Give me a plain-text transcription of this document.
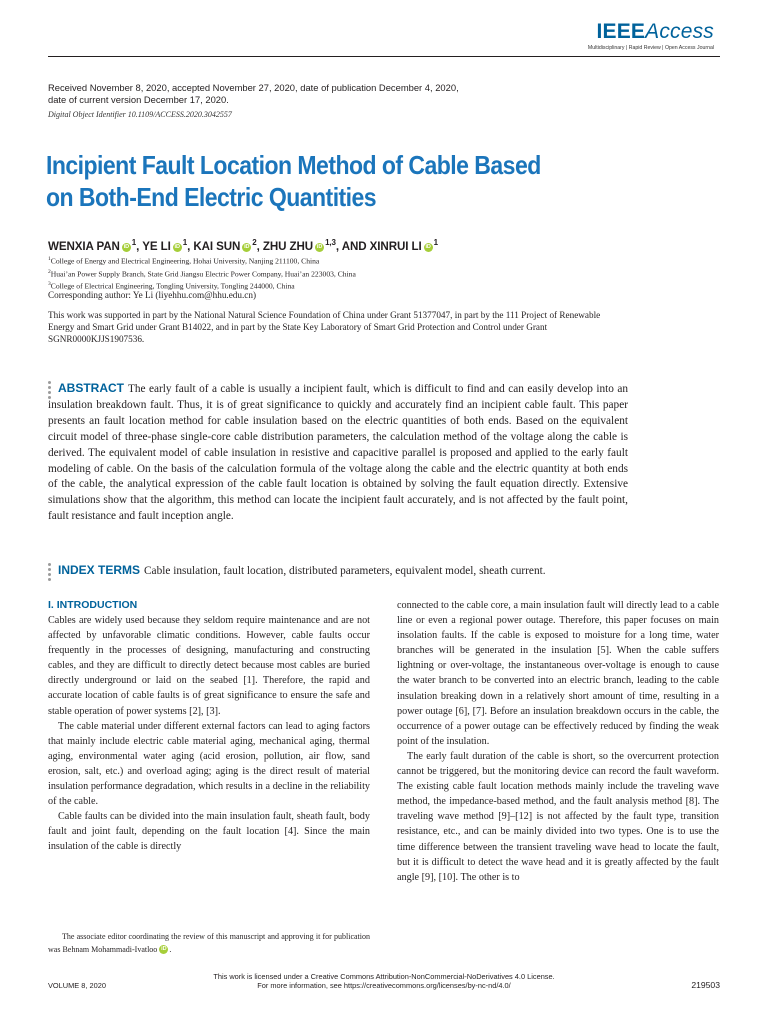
IEEEAccess
Multidisciplinary | Rapid Review | Open Access Journal
Received November 8, 2020, accepted November 27, 2020, date of publication December 4, 2020,
date of current version December 17, 2020.
Digital Object Identifier 10.1109/ACCESS.2020.3042557
Incipient Fault Location Method of Cable Based
on Both-End Electric Quantities
WENXIA PAN iD $^1$, YE LI iD $^1$, KAI SUN iD $^2$, ZHU ZHU iD $^{1,3}$, AND XINRUI LI iD $^1$
$^1$College of Energy and Electrical Engineering, Hohai University, Nanjing 211100, China
$^2$Huai’an Power Supply Branch, State Grid Jiangsu Electric Power Company, Huai’an 223003, China
$^3$College of Electrical Engineering, Tongling University, Tongling 244000, China
Corresponding author: Ye Li (liyehhu.com@hhu.edu.cn)
This work was supported in part by the National Natural Science Foundation of China under Grant 51377047, in part by the 111 Project of Renewable Energy and Smart Grid under Grant B14022, and in part by the State Key Laboratory of Smart Grid Protection and Control under Grant SGNR0000KJJS1907536.
ABSTRACT The early fault of a cable is usually a incipient fault, which is difficult to find and can easily develop into an insulation breakdown fault. Thus, it is of great significance to quickly and accurately find an incipient cable fault. This paper presents an fault location method for cable insulation based on the electric quantities of both ends. Based on the equivalent circuit model of three-phase single-core cable distribution parameters, the calculation method of the voltage along the cable is derived. The equivalent model of cable insulation in resistive and capacitive parallel is proposed and applied to the early fault modeling of cable. On the basis of the calculation formula of the voltage along the cable and the electric quantity at both ends of the cable, the analytical expression of the cable fault location is obtained by solving the fault equation directly. Extensive simulations show that the algorithm, this method can locate the incipient fault accurately, and is not affected by the fault point, fault resistance and fault inception angle.
INDEX TERMS Cable insulation, fault location, distributed parameters, equivalent model, sheath current.
I. INTRODUCTION

Cables are widely used because they seldom require maintenance and are not affected by unfavorable climatic conditions. However, cable faults occur frequently in the processes of designing, manufacturing and constructing cables, and they are difficult to directly detect because most cables are buried directly underground or laid on the seabed [1]. Therefore, the rapid and accurate location of cable faults is of great significance to ensure the safe and stable operation of power systems [2], [3].

The cable material under different external factors can lead to aging factors that mainly include electric cable material aging, mechanical aging, thermal aging, environmental water aging (acid erosion, pollution, air flow, sand erosion, salt, etc.) and overload aging; aging is the direct result of material insulation performance degradation, which results in a decline in the reliability of the cable.

Cable faults can be divided into the main insulation fault, sheath fault, body fault and joint fault, depending on the fault location [4]. Since the main insulation of the cable is directly

connected to the cable core, a main insulation fault will directly lead to a cable line or even a regional power outage. Therefore, this paper focuses on main insolation faults. If the cable is exposed to moisture for a long time, water branches will be generated in the insulation [5]. When the cable suffers lightning or over-voltage, the instantaneous over-voltage is enough to cause the water branch to be converted into an electric branch, leading to the cable insulation breaking down in a relatively short amount of time, resulting in a power outage [6], [7]. Before an insulation breakdown occurs in the cable, the occurrence of a power outage can be effectively reduced by finding the weak point of the insulation.

The early fault duration of the cable is short, so the overcurrent protection cannot be triggered, but the monitoring device can record the fault waveform. The existing cable fault location methods mainly include the traveling wave method, the impedance-based method, and the fault analysis method [8]. The traveling wave method [9]–[12] is not affected by the fault type, transition resistance, etc., and can be mainly divided into two types. One is to use the time difference between the transient traveling wave head to locate the fault, but it is difficult to detect the wave head and it is greatly affected by the fault angle [9], [10]. The other is to

The associate editor coordinating the review of this manuscript and approving it for publication was Behnam Mohammadi-Ivatloo iD .
This work is licensed under a Creative Commons Attribution-NonCommercial-NoDerivatives 4.0 License.
For more information, see https://creativecommons.org/licenses/by-nc-nd/4.0/
VOLUME 8, 2020	219503
